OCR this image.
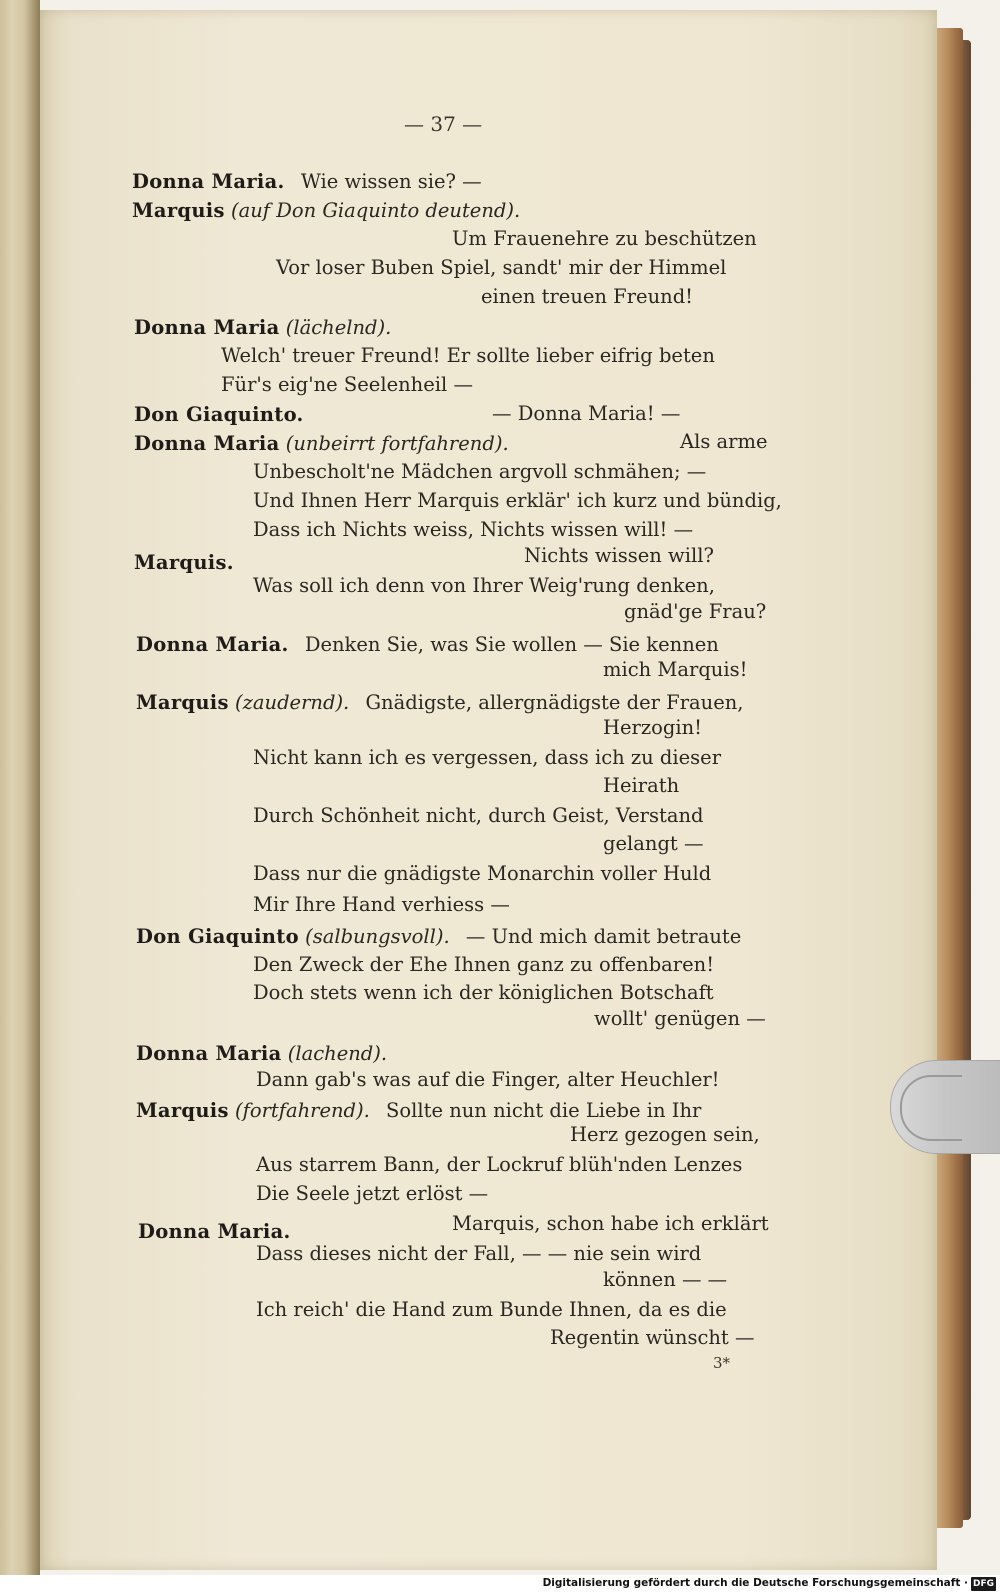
— 37 —
Donna Maria. Wie wissen sie? —
Marquis (auf Don Giaquinto deutend).
Um Frauenehre zu beschützen
Vor loser Buben Spiel, sandt' mir der Himmel
einen treuen Freund!
Donna Maria (lächelnd).
Welch' treuer Freund! Er sollte lieber eifrig beten
Für's eig'ne Seelenheil —
Don Giaquinto.	— Donna Maria! —
Donna Maria (unbeirrt fortfahrend).	Als arme
Unbescholt'ne Mädchen argvoll schmähen; —
Und Ihnen Herr Marquis erklär' ich kurz und bündig,
Dass ich Nichts weiss, Nichts wissen will! —
Nichts wissen will?
Marquis.
Was soll ich denn von Ihrer Weig'rung denken,
gnäd'ge Frau?
Donna Maria. Denken Sie, was Sie wollen — Sie kennen
mich Marquis!
Marquis (zaudernd). Gnädigste, allergnädigste der Frauen,
Herzogin!
Nicht kann ich es vergessen, dass ich zu dieser
Heirath
Durch Schönheit nicht, durch Geist, Verstand
gelangt —
Dass nur die gnädigste Monarchin voller Huld
Mir Ihre Hand verhiess —
Don Giaquinto (salbungsvoll). — Und mich damit betraute
Den Zweck der Ehe Ihnen ganz zu offenbaren!
Doch stets wenn ich der königlichen Botschaft
wollt' genügen —
Donna Maria (lachend).
Dann gab's was auf die Finger, alter Heuchler!
Marquis (fortfahrend). Sollte nun nicht die Liebe in Ihr
Herz gezogen sein,
Aus starrem Bann, der Lockruf blüh'nden Lenzes
Die Seele jetzt erlöst —
Donna Maria.	Marquis, schon habe ich erklärt
Dass dieses nicht der Fall, — — nie sein wird
können — —
Ich reich' die Hand zum Bunde Ihnen, da es die
Regentin wünscht —
3*
Digitalisierung gefördert durch die Deutsche Forschungsgemeinschaft · DFG
